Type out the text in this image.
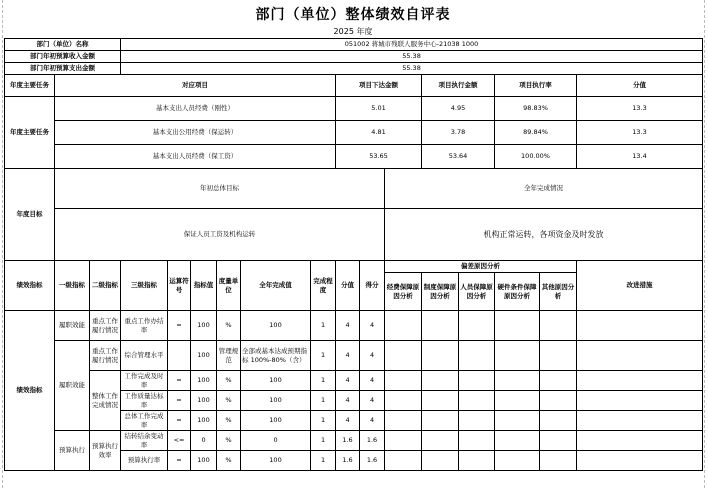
部门（单位）整体绩效自评表
2025 年度
部门（单位）名称			051002 蒋城市残联人服务中心-21038 1000														
部门年初预算收入金额			55.38														
部门年初预算支出金额			55.38														
年度主要任务	对应项目								项目下达金额			项目执行金额		项目执行率		分值	
年度主要任务	基本支出人员经费（刚性）								5.01			4.95		98.83%		13.3	
	基本支出公用经费（保运转）								4.81			3.78		89.84%		13.3	
	基本支出人员经费（保工资）								53.65			53.64		100.00%		13.4	
年度目标	年初总体目标										全年完成情况						
	保证人员工资及机构运转										机构正常运转，各项资金及时发放						
绩效指标	一级指标	二级指标	三级指标	运算符号	指标值	度量单位	全年完成值	完成程度	分值	得分	偏差原因分析					改进措施	
											经费保障原因分析	制度保障原因分析	人员保障原因分析	硬件条件保障原因分析	其他原因分析		
绩效指标	履职效能	重点工作履行情况	重点工作办结率	=	100	%	100	1	4	4							
	履职效能	重点工作履行情况	综合管理水平		100	管理规范	全部或基本达成预期指标 100%-80%（含）	1	4	4							
		整体工作完成情况	工作完成及时率	=	100	%	100	1	4	4							
			工作质量达标率	=	100	%	100	1	4	4							
			总体工作完成率	=	100	%	100	1	4	4							
	预算执行	预算执行效率	结转结余变动率	<=	0	%	0	1	1.6	1.6							
			预算执行率	=	100	%	100	1	1.6	1.6							
